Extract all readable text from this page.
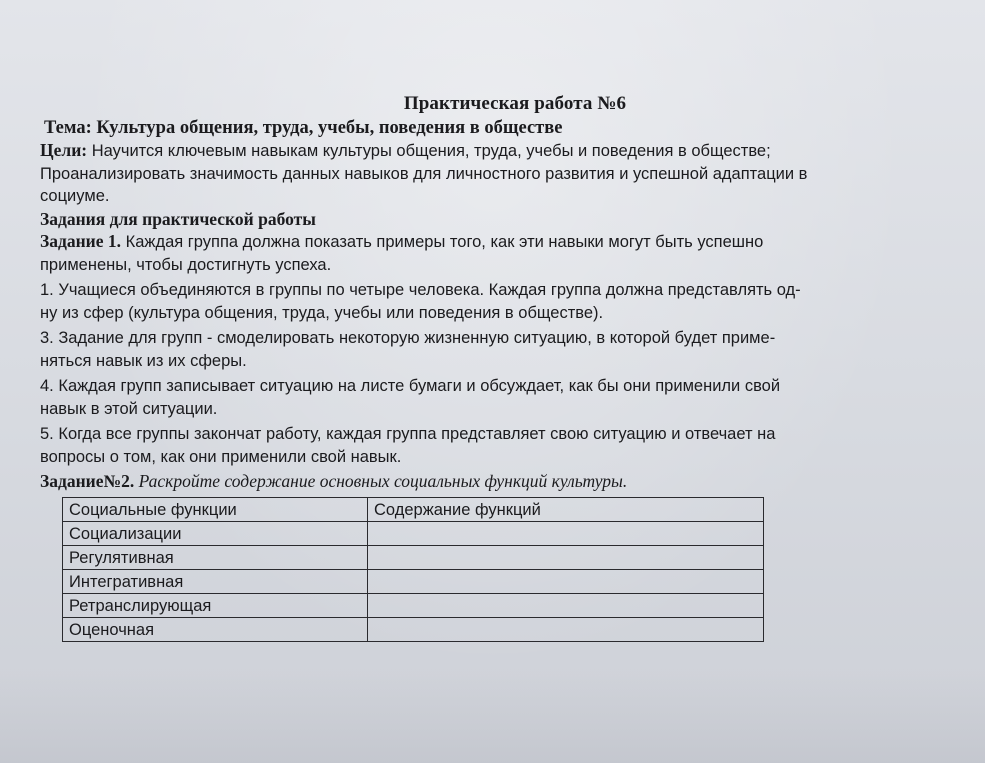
Практическая работа №6

Тема: Культура общения, труда, учебы, поведения в обществе

Цели: Научится ключевым навыкам культуры общения, труда, учебы и поведения в обществе;

Проанализировать значимость данных навыков для личностного развития и успешной адаптации в

социуме.

Задания для практической работы

Задание 1. Каждая группа должна показать примеры того, как эти навыки могут быть успешно

применены, чтобы достигнуть успеха.

1. Учащиеся объединяются в группы по четыре человека. Каждая группа должна представлять од-

ну из сфер (культура общения, труда, учебы или поведения в обществе).

3. Задание для групп - смоделировать некоторую жизненную ситуацию, в которой будет приме-

няться навык из их сферы.

4. Каждая групп записывает ситуацию на листе бумаги и обсуждает, как бы они применили свой

навык в этой ситуации.

5. Когда все группы закончат работу, каждая группа представляет свою ситуацию и отвечает на

вопросы о том, как они применили свой навык.

Задание№2. Раскройте содержание основных социальных функций культуры.

Социальные функции	Содержание функций
Социализации	
Регулятивная	
Интегративная	
Ретранслирующая	
Оценочная	
